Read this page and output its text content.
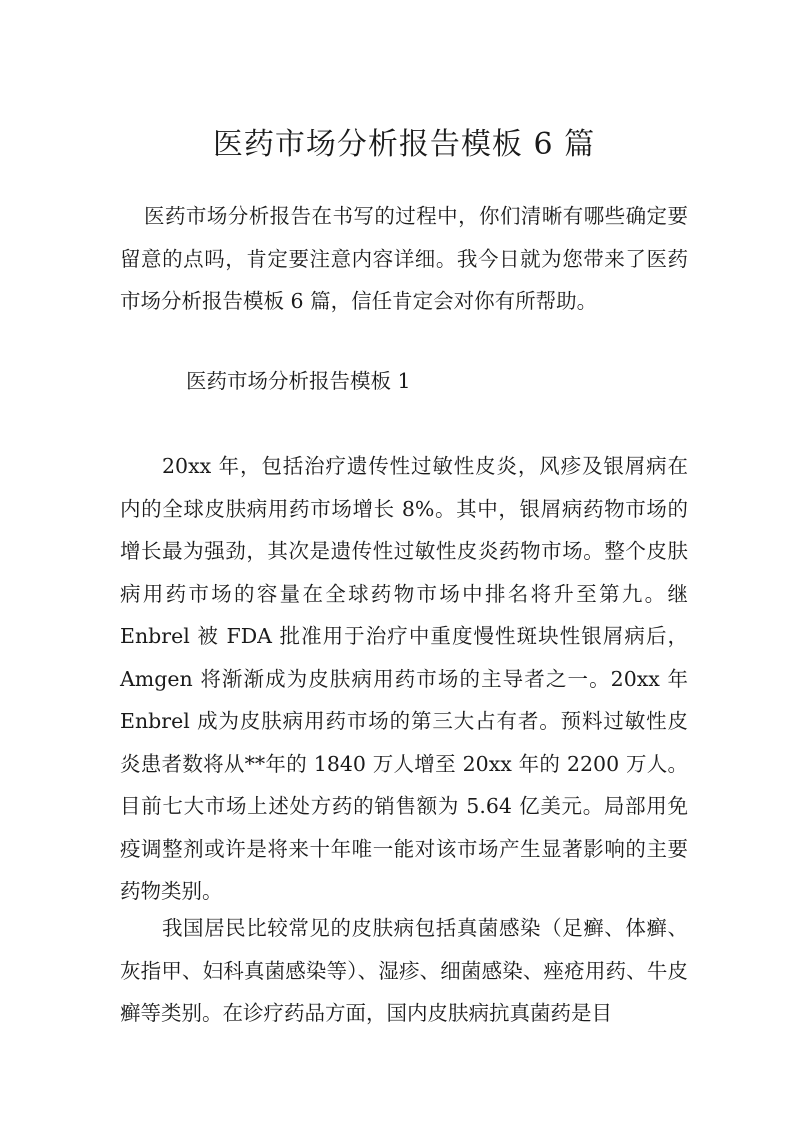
医药市场分析报告模板 6 篇

医药市场分析报告在书写的过程中，你们清晰有哪些确定要留意的点吗，肯定要注意内容详细。我今日就为您带来了医药市场分析报告模板 6 篇，信任肯定会对你有所帮助。

医药市场分析报告模板 1

20xx 年，包括治疗遗传性过敏性皮炎，风疹及银屑病在内的全球皮肤病用药市场增长 8%。其中，银屑病药物市场的增长最为强劲，其次是遗传性过敏性皮炎药物市场。整个皮肤病用药市场的容量在全球药物市场中排名将升至第九。继 Enbrel 被 FDA 批准用于治疗中重度慢性斑块性银屑病后，Amgen 将渐渐成为皮肤病用药市场的主导者之一。20xx 年 Enbrel 成为皮肤病用药市场的第三大占有者。预料过敏性皮炎患者数将从**年的 1840 万人增至 20xx 年的 2200 万人。目前七大市场上述处方药的销售额为 5.64 亿美元。局部用免疫调整剂或许是将来十年唯一能对该市场产生显著影响的主要药物类别。

我国居民比较常见的皮肤病包括真菌感染（足癣、体癣、灰指甲、妇科真菌感染等）、湿疹、细菌感染、痤疮用药、牛皮癣等类别。在诊疗药品方面，国内皮肤病抗真菌药是目
